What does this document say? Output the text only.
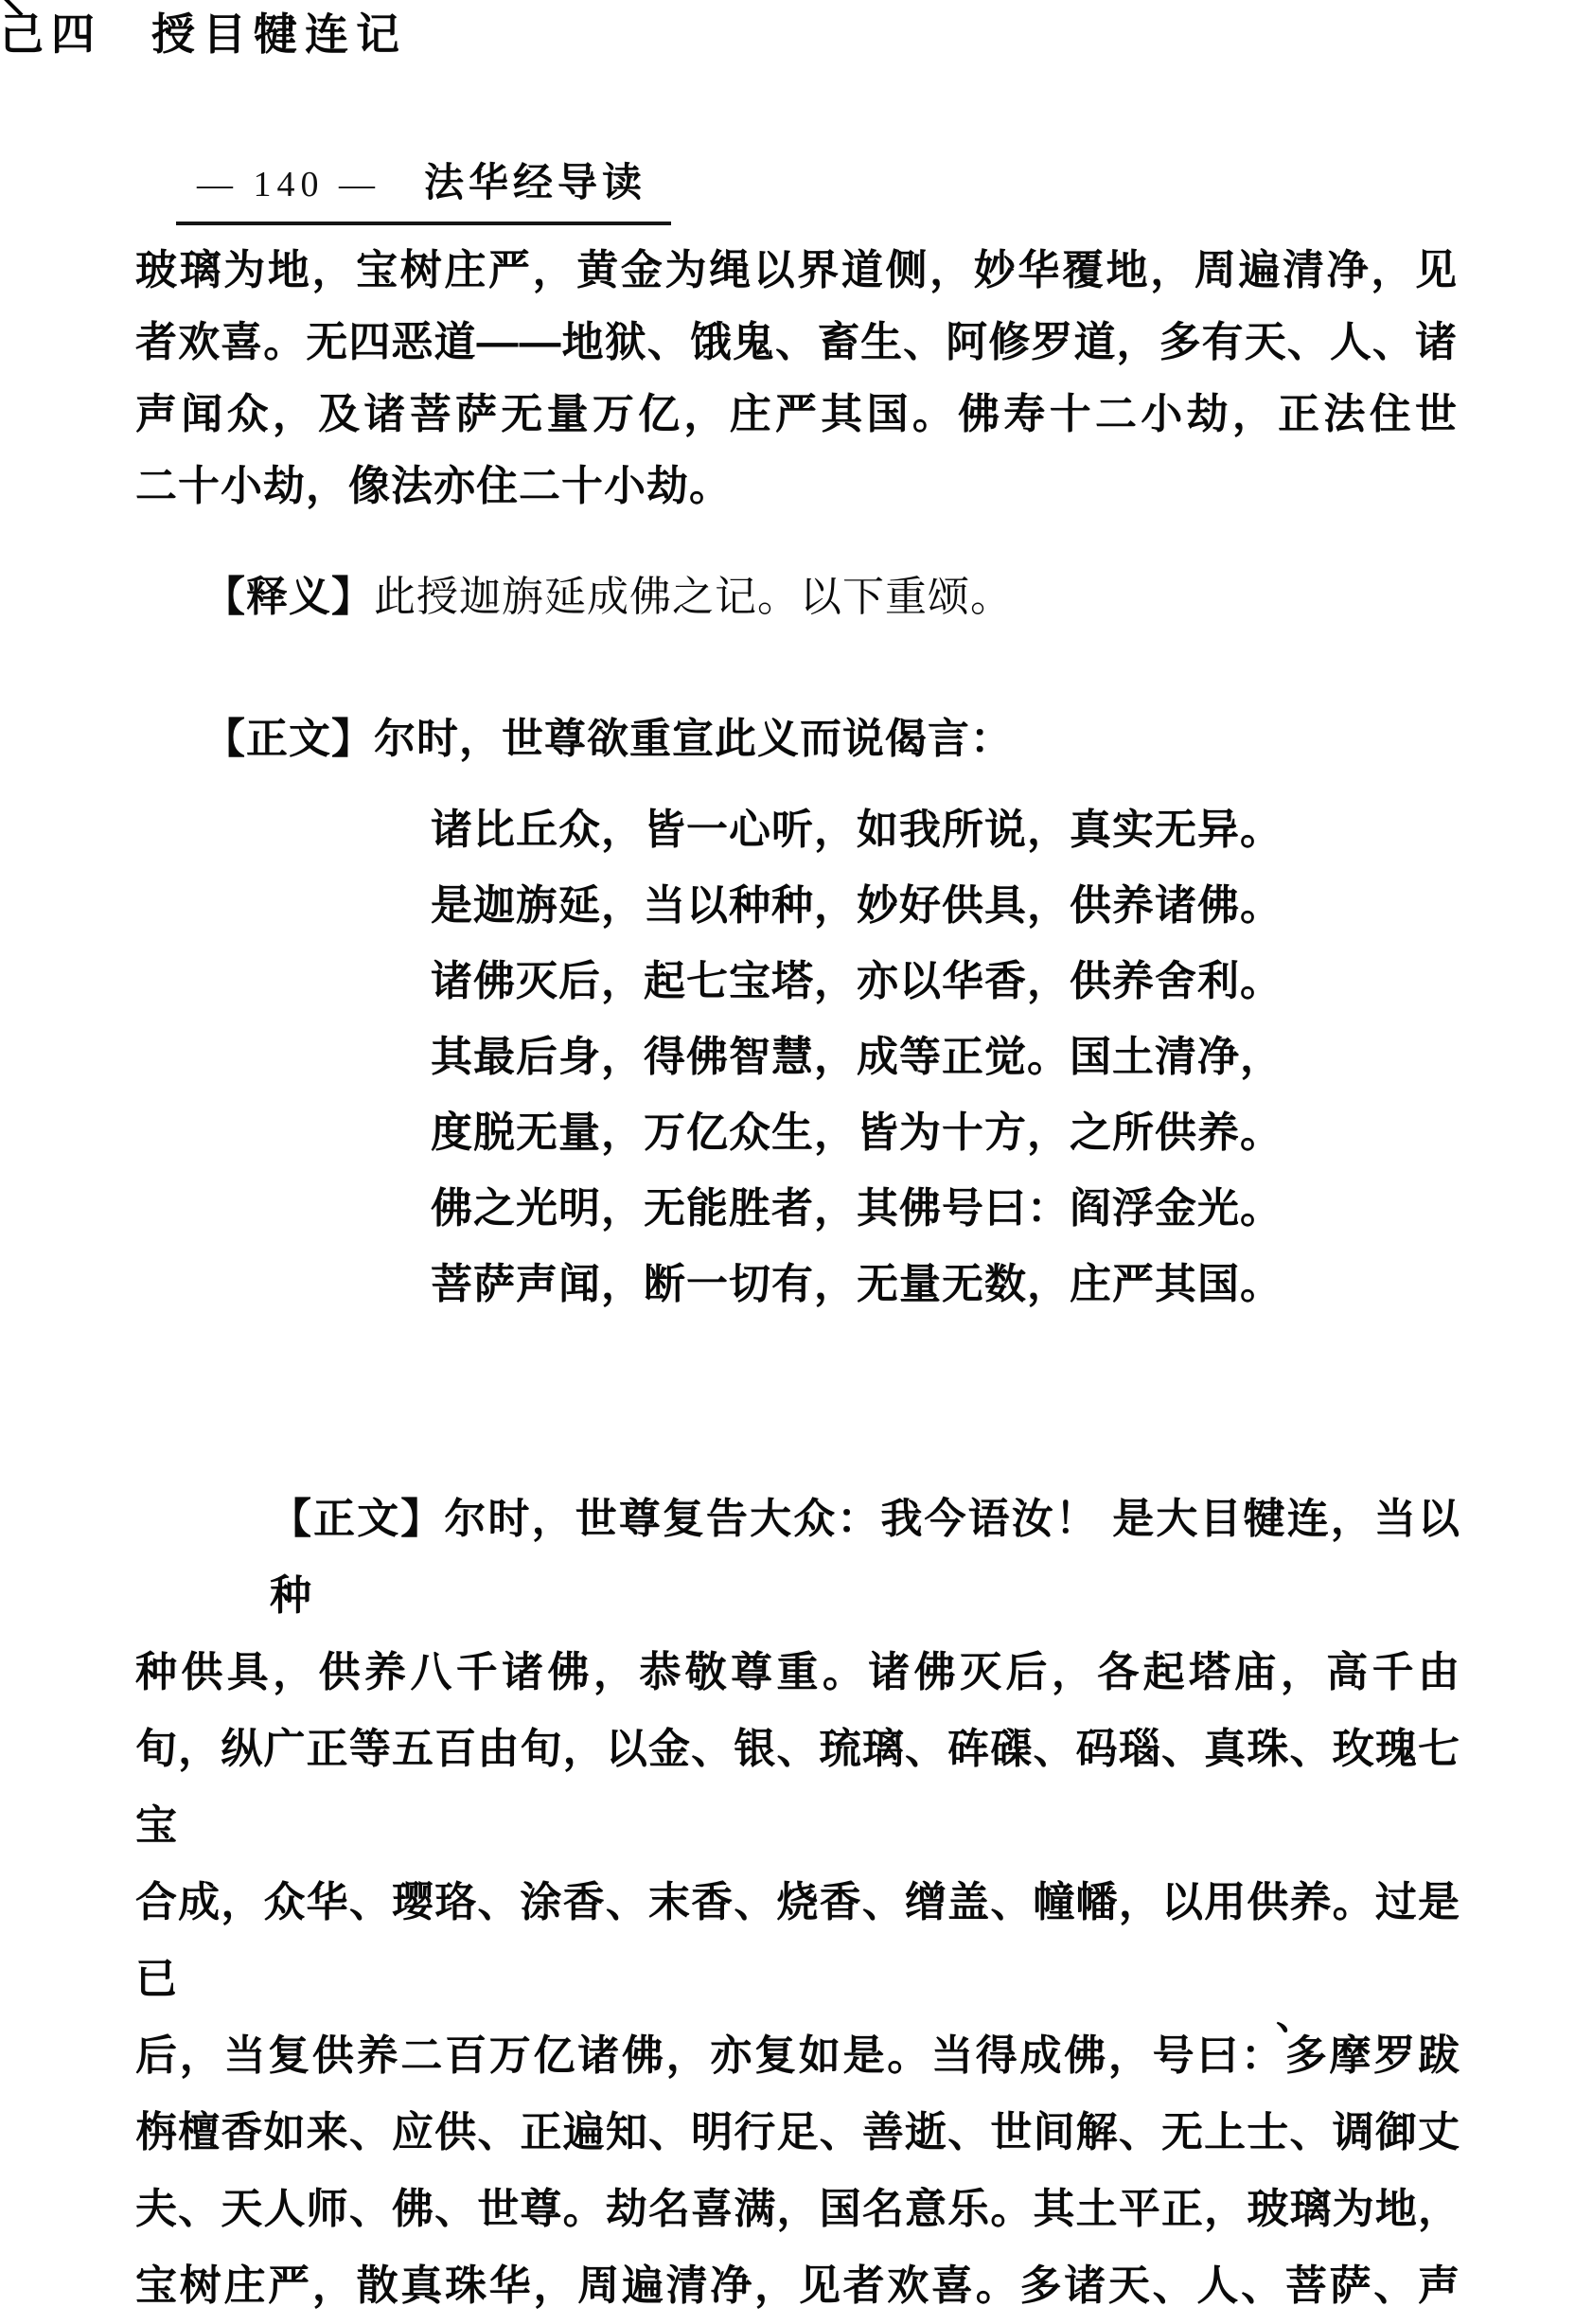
— 140 — 法华经导读
玻璃为地，宝树庄严，黄金为绳以界道侧，妙华覆地，周遍清净，见
者欢喜。无四恶道——地狱、饿鬼、畜生、阿修罗道，多有天、人、诸
声闻众，及诸菩萨无量万亿，庄严其国。佛寿十二小劫，正法住世
二十小劫，像法亦住二十小劫。
【释义】此授迦旃延成佛之记。以下重颂。
【正文】尔时，世尊欲重宣此义而说偈言：
诸比丘众，皆一心听，如我所说，真实无异。
是迦旃延，当以种种，妙好供具，供养诸佛。
诸佛灭后，起七宝塔，亦以华香，供养舍利。
其最后身，得佛智慧，成等正觉。国土清净，
度脱无量，万亿众生，皆为十方，之所供养。
佛之光明，无能胜者，其佛号曰：阎浮金光。
菩萨声闻，断一切有，无量无数，庄严其国。
己四 授目犍连记
【正文】尔时，世尊复告大众：我今语汝！ 是大目犍连，当以种
种供具，供养八千诸佛，恭敬尊重。诸佛灭后，各起塔庙，高千由
旬，纵广正等五百由旬，以金、银、琉璃、砗磲、码瑙、真珠、玫瑰七宝
合成，众华、璎珞、涂香、末香、烧香、缯盖、幢幡，以用供养。过是已
后，当复供养二百万亿诸佛，亦复如是。当得成佛，号曰：多摩罗跋
栴檀香如来、应供、正遍知、明行足、善逝、世间解、无上士、调御丈
夫、天人师、佛、世尊。劫名喜满，国名意乐。其土平正，玻璃为地，
宝树庄严，散真珠华，周遍清净，见者欢喜。多诸天、人、菩萨、声
、
